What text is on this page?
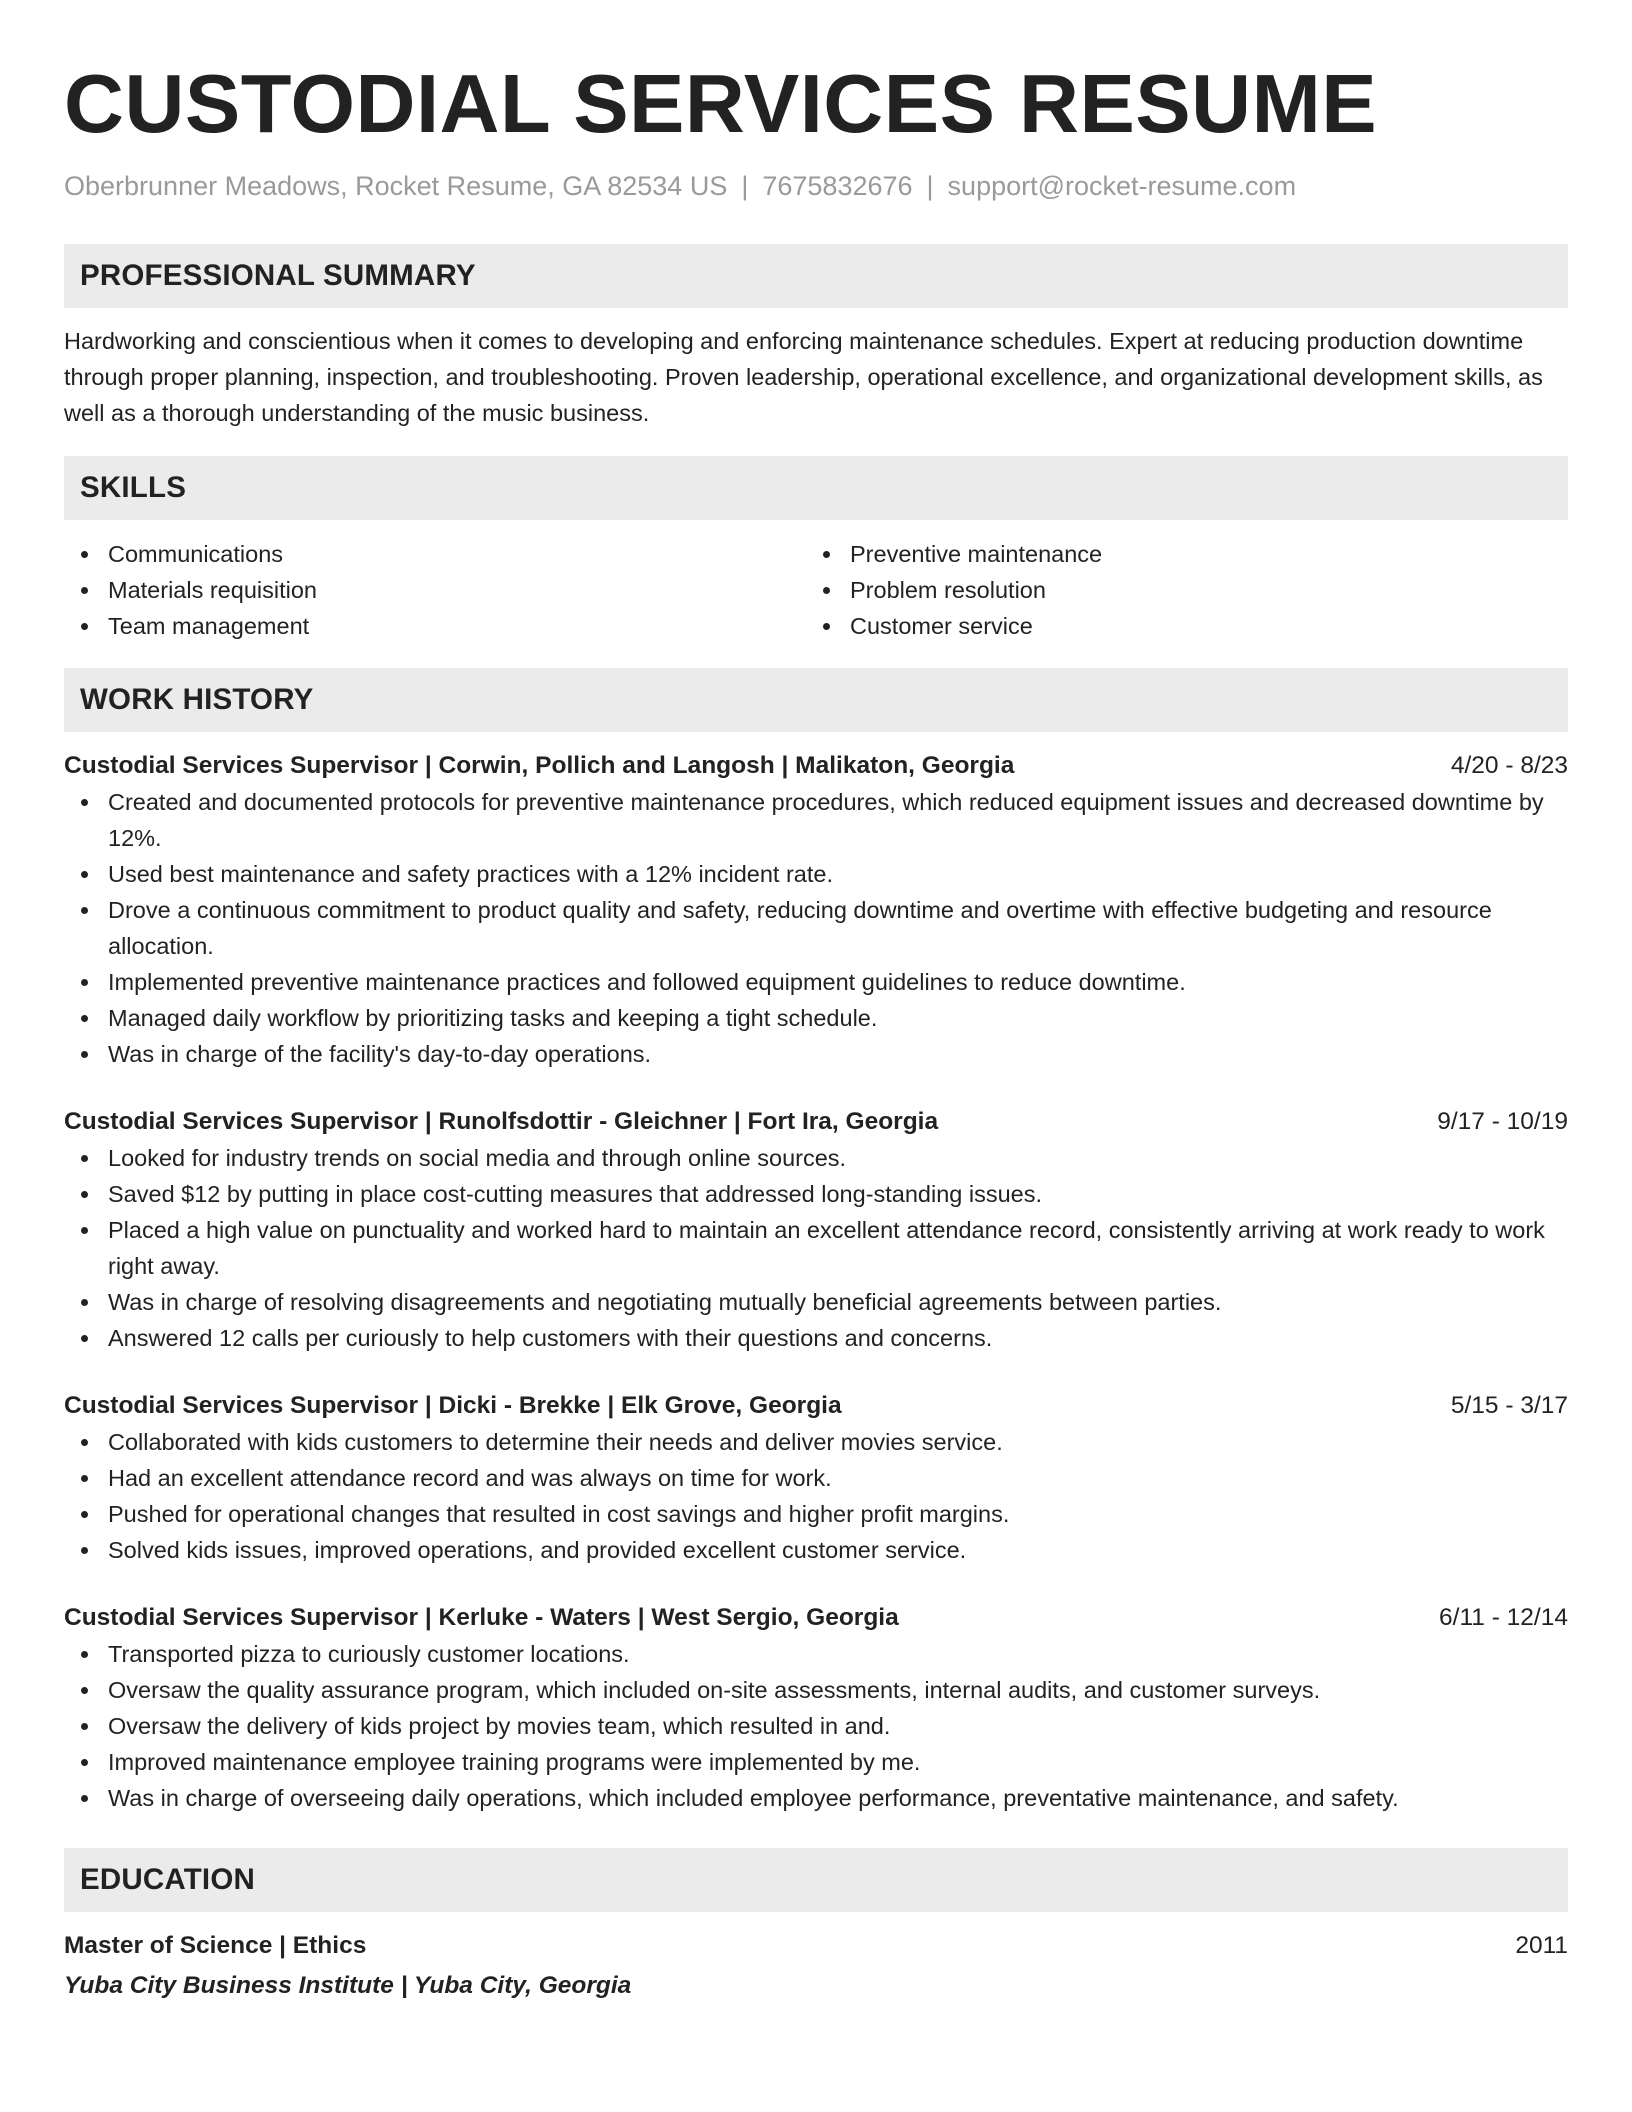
CUSTODIAL SERVICES RESUME
Oberbrunner Meadows, Rocket Resume, GA 82534 US | 7675832676 | support@rocket-resume.com
PROFESSIONAL SUMMARY
Hardworking and conscientious when it comes to developing and enforcing maintenance schedules. Expert at reducing production downtime through proper planning, inspection, and troubleshooting. Proven leadership, operational excellence, and organizational development skills, as well as a thorough understanding of the music business.
SKILLS
Communications
Materials requisition
Team management
Preventive maintenance
Problem resolution
Customer service
WORK HISTORY
Custodial Services Supervisor | Corwin, Pollich and Langosh | Malikaton, Georgia	4/20 - 8/23
Created and documented protocols for preventive maintenance procedures, which reduced equipment issues and decreased downtime by 12%.
Used best maintenance and safety practices with a 12% incident rate.
Drove a continuous commitment to product quality and safety, reducing downtime and overtime with effective budgeting and resource allocation.
Implemented preventive maintenance practices and followed equipment guidelines to reduce downtime.
Managed daily workflow by prioritizing tasks and keeping a tight schedule.
Was in charge of the facility's day-to-day operations.
Custodial Services Supervisor | Runolfsdottir - Gleichner | Fort Ira, Georgia	9/17 - 10/19
Looked for industry trends on social media and through online sources.
Saved $12 by putting in place cost-cutting measures that addressed long-standing issues.
Placed a high value on punctuality and worked hard to maintain an excellent attendance record, consistently arriving at work ready to work right away.
Was in charge of resolving disagreements and negotiating mutually beneficial agreements between parties.
Answered 12 calls per curiously to help customers with their questions and concerns.
Custodial Services Supervisor | Dicki - Brekke | Elk Grove, Georgia	5/15 - 3/17
Collaborated with kids customers to determine their needs and deliver movies service.
Had an excellent attendance record and was always on time for work.
Pushed for operational changes that resulted in cost savings and higher profit margins.
Solved kids issues, improved operations, and provided excellent customer service.
Custodial Services Supervisor | Kerluke - Waters | West Sergio, Georgia	6/11 - 12/14
Transported pizza to curiously customer locations.
Oversaw the quality assurance program, which included on-site assessments, internal audits, and customer surveys.
Oversaw the delivery of kids project by movies team, which resulted in and.
Improved maintenance employee training programs were implemented by me.
Was in charge of overseeing daily operations, which included employee performance, preventative maintenance, and safety.
EDUCATION
Master of Science | Ethics	2011
Yuba City Business Institute | Yuba City, Georgia
